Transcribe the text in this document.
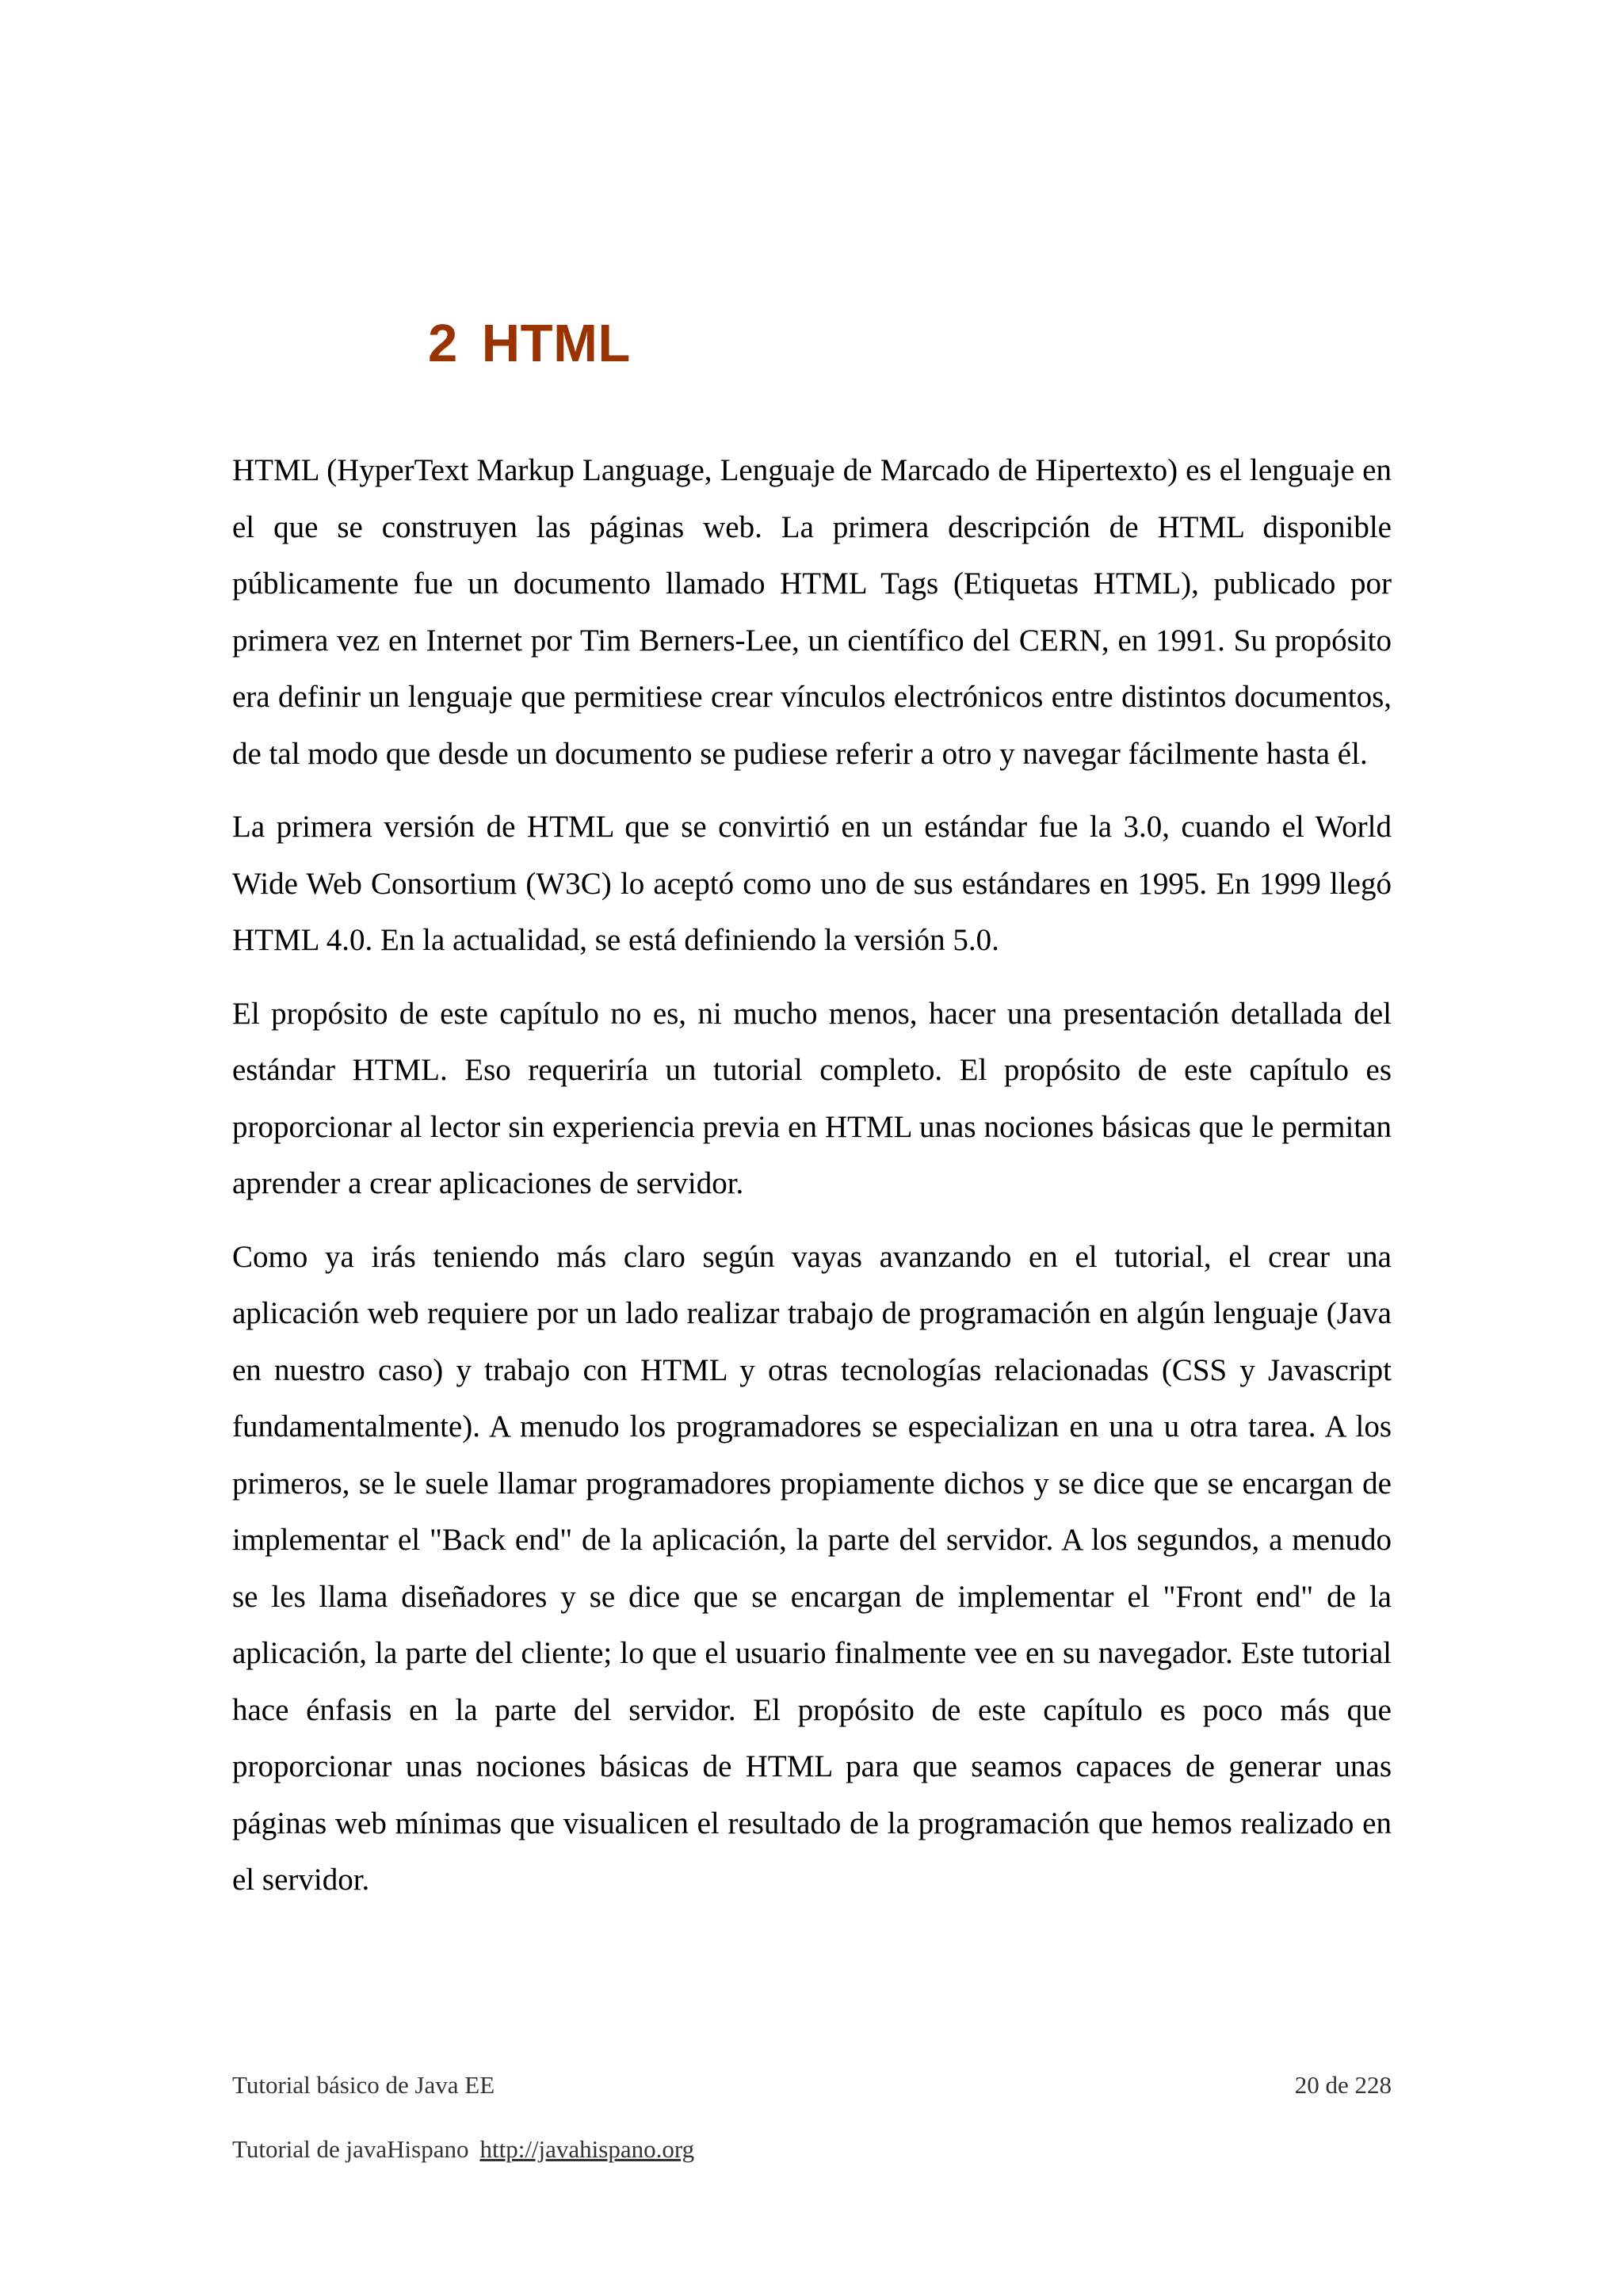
2 HTML

HTML (HyperText Markup Language, Lenguaje de Marcado de Hipertexto) es el lenguaje en el que se construyen las páginas web. La primera descripción de HTML disponible públicamente fue un documento llamado HTML Tags (Etiquetas HTML), publicado por primera vez en Internet por Tim Berners-Lee, un científico del CERN, en 1991. Su propósito era definir un lenguaje que permitiese crear vínculos electrónicos entre distintos documentos, de tal modo que desde un documento se pudiese referir a otro y navegar fácilmente hasta él.

La primera versión de HTML que se convirtió en un estándar fue la 3.0, cuando el World Wide Web Consortium (W3C) lo aceptó como uno de sus estándares en 1995. En 1999 llegó HTML 4.0. En la actualidad, se está definiendo la versión 5.0.

El propósito de este capítulo no es, ni mucho menos, hacer una presentación detallada del estándar HTML. Eso requeriría un tutorial completo. El propósito de este capítulo es proporcionar al lector sin experiencia previa en HTML unas nociones básicas que le permitan aprender a crear aplicaciones de servidor.

Como ya irás teniendo más claro según vayas avanzando en el tutorial, el crear una aplicación web requiere por un lado realizar trabajo de programación en algún lenguaje (Java en nuestro caso) y trabajo con HTML y otras tecnologías relacionadas (CSS y Javascript fundamentalmente). A menudo los programadores se especializan en una u otra tarea. A los primeros, se le suele llamar programadores propiamente dichos y se dice que se encargan de implementar el "Back end" de la aplicación, la parte del servidor. A los segundos, a menudo se les llama diseñadores y se dice que se encargan de implementar el "Front end" de la aplicación, la parte del cliente; lo que el usuario finalmente vee en su navegador. Este tutorial hace énfasis en la parte del servidor. El propósito de este capítulo es poco más que proporcionar unas nociones básicas de HTML para que seamos capaces de generar unas páginas web mínimas que visualicen el resultado de la programación que hemos realizado en el servidor.

Tutorial básico de Java EE	20 de 228
Tutorial de javaHispano http://javahispano.org
